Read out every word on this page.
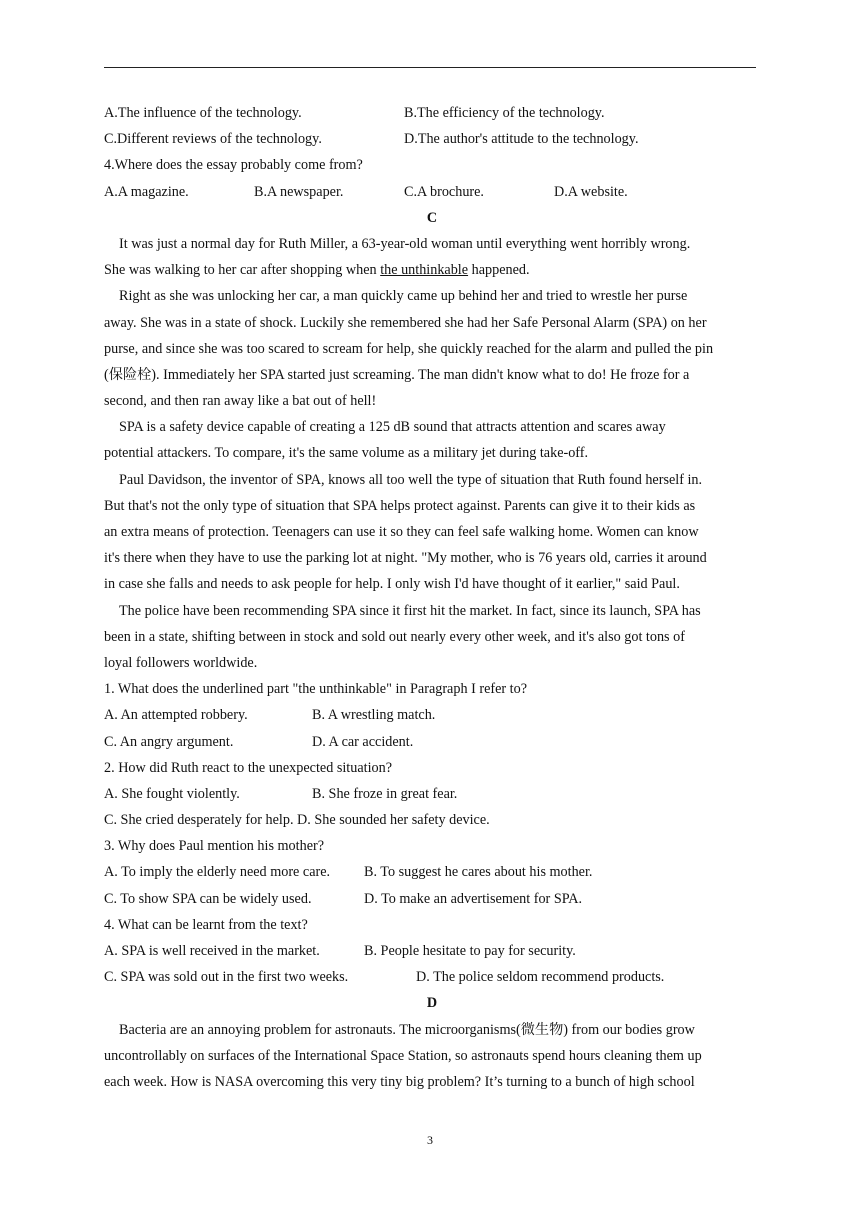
A.The influence of the technology.	B.The efficiency of the technology.
C.Different reviews of the technology.	D.The author's attitude to the technology.
4.Where does the essay probably come from?
A.A magazine.	B.A newspaper.	C.A brochure.	D.A website.
C
It was just a normal day for Ruth Miller, a 63-year-old woman until everything went horribly wrong.
She was walking to her car after shopping when the unthinkable happened.
Right as she was unlocking her car, a man quickly came up behind her and tried to wrestle her purse
away. She was in a state of shock. Luckily she remembered she had her Safe Personal Alarm (SPA) on her
purse, and since she was too scared to scream for help, she quickly reached for the alarm and pulled the pin
(保险栓). Immediately her SPA started just screaming. The man didn't know what to do! He froze for a
second, and then ran away like a bat out of hell!
SPA is a safety device capable of creating a 125 dB sound that attracts attention and scares away
potential attackers. To compare, it's the same volume as a military jet during take-off.
Paul Davidson, the inventor of SPA, knows all too well the type of situation that Ruth found herself in.
But that's not the only type of situation that SPA helps protect against. Parents can give it to their kids as
an extra means of protection. Teenagers can use it so they can feel safe walking home. Women can know
it's there when they have to use the parking lot at night. "My mother, who is 76 years old, carries it around
in case she falls and needs to ask people for help. I only wish I'd have thought of it earlier," said Paul.
The police have been recommending SPA since it first hit the market. In fact, since its launch, SPA has
been in a state, shifting between in stock and sold out nearly every other week, and it's also got tons of
loyal followers worldwide.
1. What does the underlined part "the unthinkable" in Paragraph I refer to?
A. An attempted robbery.	B. A wrestling match.
C. An angry argument.	D. A car accident.
2. How did Ruth react to the unexpected situation?
A. She fought violently.	B. She froze in great fear.
C. She cried desperately for help. D. She sounded her safety device.
3. Why does Paul mention his mother?
A. To imply the elderly need more care.	B. To suggest he cares about his mother.
C. To show SPA can be widely used.	D. To make an advertisement for SPA.
4. What can be learnt from the text?
A. SPA is well received in the market.	B. People hesitate to pay for security.
C. SPA was sold out in the first two weeks.	D. The police seldom recommend products.
D
Bacteria are an annoying problem for astronauts. The microorganisms(微生物) from our bodies grow
uncontrollably on surfaces of the International Space Station, so astronauts spend hours cleaning them up
each week. How is NASA overcoming this very tiny big problem? It’s turning to a bunch of high school
3
